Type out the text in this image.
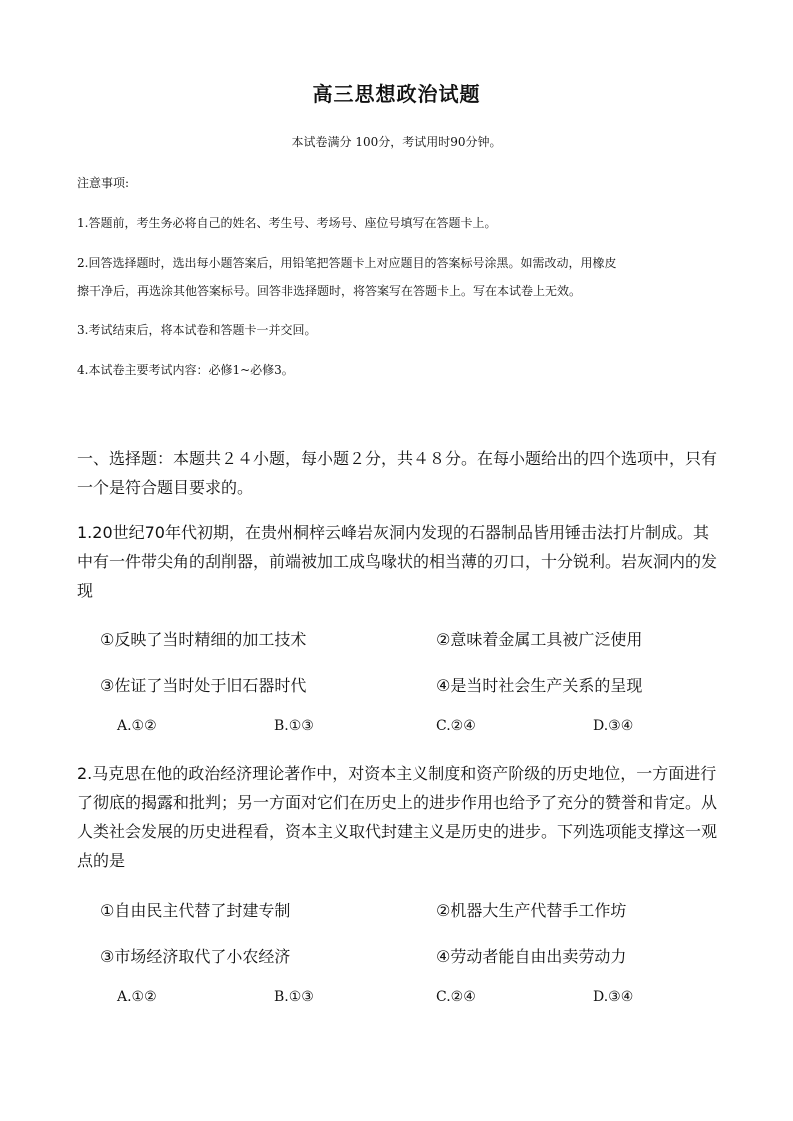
高三思想政治试题
本试卷满分 100分，考试用时90分钟。
注意事项:
1.答题前，考生务必将自己的姓名、考生号、考场号、座位号填写在答题卡上。
2.回答选择题时，选出每小题答案后，用铅笔把答题卡上对应题目的答案标号涂黑。如需改动，用橡皮
擦干净后，再选涂其他答案标号。回答非选择题时，将答案写在答题卡上。写在本试卷上无效。
3.考试结束后，将本试卷和答题卡一并交回。
4.本试卷主要考试内容：必修1~必修3。
一、选择题：本题共２４小题，每小题２分，共４８分。在每小题给出的四个选项中，只有一个是符合题目要求的。
1.20世纪70年代初期，在贵州桐梓云峰岩灰洞内发现的石器制品皆用锤击法打片制成。其中有一件带尖角的刮削器，前端被加工成鸟喙状的相当薄的刃口，十分锐利。岩灰洞内的发现
①反映了当时精细的加工技术	②意味着金属工具被广泛使用
③佐证了当时处于旧石器时代	④是当时社会生产关系的呈现
A.①②	B.①③	C.②④	D.③④
2.马克思在他的政治经济理论著作中，对资本主义制度和资产阶级的历史地位，一方面进行了彻底的揭露和批判；另一方面对它们在历史上的进步作用也给予了充分的赞誉和肯定。从人类社会发展的历史进程看，资本主义取代封建主义是历史的进步。下列选项能支撑这一观点的是
①自由民主代替了封建专制	②机器大生产代替手工作坊
③市场经济取代了小农经济	④劳动者能自由出卖劳动力
A.①②	B.①③	C.②④	D.③④
